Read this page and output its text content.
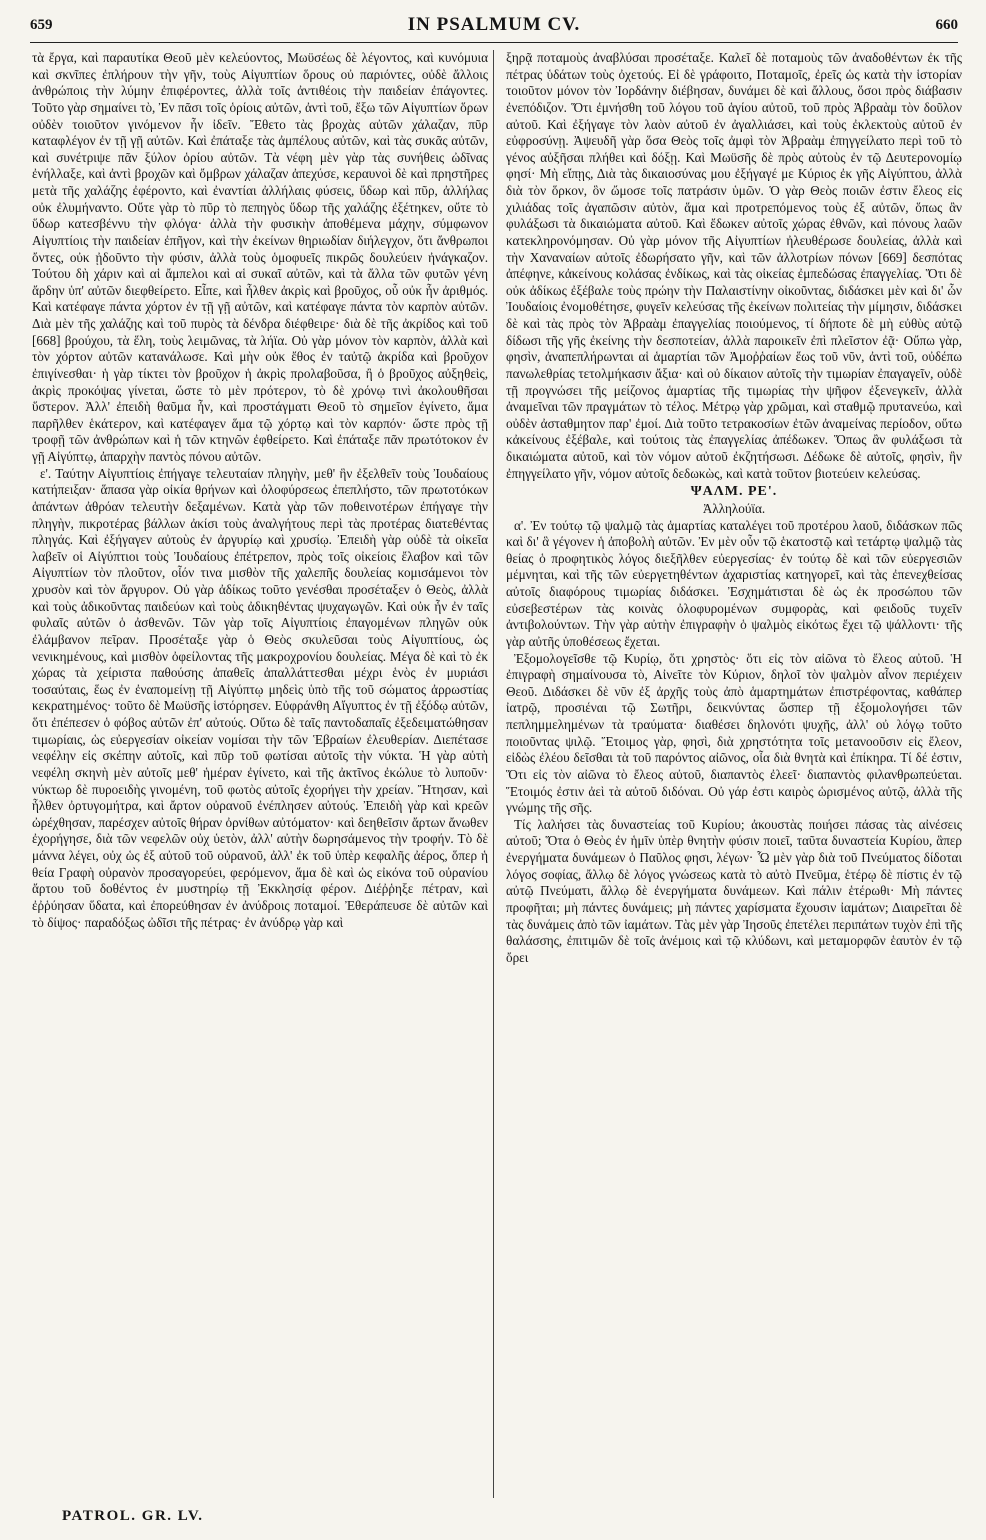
659	IN PSALMUM CV.	660

τὰ ἔργα, καὶ παραυτίκα Θεοῦ μὲν κελεύοντος, Μωϋσέως δὲ λέγοντος, καὶ κυνόμυια καὶ σκνῖπες ἐπλήρουν τὴν γῆν, τοὺς Αἰγυπτίων ὅρους οὐ παριόντες, οὐδὲ ἄλλοις ἀνθρώποις τὴν λύμην ἐπιφέροντες, ἀλλὰ τοῖς ἀντιθέοις τὴν παιδείαν ἐπάγοντες. Τοῦτο γὰρ σημαίνει τὸ, Ἐν πᾶσι τοῖς ὁρίοις αὐτῶν, ἀντὶ τοῦ, ἔξω τῶν Αἰγυπτίων ὅρων οὐδὲν τοιοῦτον γινόμενον ἦν ἰδεῖν. Ἔθετο τὰς βροχὰς αὐτῶν χάλαζαν, πῦρ καταφλέγον ἐν τῇ γῇ αὐτῶν. Καὶ ἐπάταξε τὰς ἀμπέλους αὐτῶν, καὶ τὰς συκᾶς αὐτῶν, καὶ συνέτριψε πᾶν ξύλον ὁρίου αὐτῶν. Τὰ νέφη μὲν γὰρ τὰς συνήθεις ὠδῖνας ἐνήλλαξε, καὶ ἀντὶ βροχῶν καὶ ὄμβρων χάλαζαν ἀπεχύσε, κεραυνοὶ δὲ καὶ πρηστῆρες μετὰ τῆς χαλάζης ἐφέροντο, καὶ ἐναντίαι ἀλλήλαις φύσεις, ὕδωρ καὶ πῦρ, ἀλλήλας οὐκ ἐλυμήναντο. Οὔτε γὰρ τὸ πῦρ τὸ πεπηγὸς ὕδωρ τῆς χαλάζης ἐξέτηκεν, οὔτε τὸ ὕδωρ κατεσβέννυ τὴν φλόγα· ἀλλὰ τὴν φυσικὴν ἀποθέμενα μάχην, σύμφωνον Αἰγυπτίοις τὴν παιδείαν ἐπῆγον, καὶ τὴν ἐκείνων θηριωδίαν διήλεγχον, ὅτι ἄνθρωποι ὄντες, οὐκ ᾐδοῦντο τὴν φύσιν, ἀλλὰ τοὺς ὁμοφυεῖς πικρῶς δουλεύειν ἠνάγκαζον. Τούτου δὴ χάριν καὶ αἱ ἄμπελοι καὶ αἱ συκαῖ αὐτῶν, καὶ τὰ ἄλλα τῶν φυτῶν γένη ἄρδην ὑπ' αὐτῶν διεφθείρετο. Εἶπε, καὶ ἦλθεν ἀκρὶς καὶ βροῦχος, οὗ οὐκ ἦν ἀριθμός. Καὶ κατέφαγε πάντα χόρτον ἐν τῇ γῇ αὐτῶν, καὶ κατέφαγε πάντα τὸν καρπὸν αὐτῶν. Διὰ μὲν τῆς χαλάζης καὶ τοῦ πυρὸς τὰ δένδρα διέφθειρε· διὰ δὲ τῆς ἀκρίδος καὶ τοῦ [668] βρούχου, τὰ ἕλη, τοὺς λειμῶνας, τὰ λήϊα. Οὐ γὰρ μόνον τὸν καρπὸν, ἀλλὰ καὶ τὸν χόρτον αὐτῶν κατανάλωσε. Καὶ μὴν οὐκ ἔθος ἐν ταὐτῷ ἀκρίδα καὶ βροῦχον ἐπιγίνεσθαι· ἡ γὰρ τίκτει τὸν βροῦχον ἡ ἀκρὶς προλαβοῦσα, ἢ ὁ βροῦχος αὐξηθεὶς, ἀκρὶς προκόψας γίνεται, ὥστε τὸ μὲν πρότερον, τὸ δὲ χρόνῳ τινὶ ἀκολουθῆσαι ὕστερον. Ἀλλ' ἐπειδὴ θαῦμα ἦν, καὶ προστάγματι Θεοῦ τὸ σημεῖον ἐγίνετο, ἅμα παρῆλθεν ἑκάτερον, καὶ κατέφαγεν ἅμα τῷ χόρτῳ καὶ τὸν καρπόν· ὥστε πρὸς τῇ τροφῇ τῶν ἀνθρώπων καὶ ἡ τῶν κτηνῶν ἐφθείρετο. Καὶ ἐπάταξε πᾶν πρωτότοκον ἐν γῇ Αἰγύπτῳ, ἀπαρχὴν παντὸς πόνου αὐτῶν.

ε'. Ταύτην Αἰγυπτίοις ἐπήγαγε τελευταίαν πληγὴν, μεθ' ἣν ἐξελθεῖν τοὺς Ἰουδαίους κατήπειξαν· ἅπασα γὰρ οἰκία θρήνων καὶ ὀλοφύρσεως ἐπεπλήστο, τῶν πρωτοτόκων ἁπάντων ἀθρόαν τελευτὴν δεξαμένων. Κατὰ γὰρ τῶν ποθεινοτέρων ἐπήγαγε τὴν πληγὴν, πικροτέρας βάλλων ἀκίσι τοὺς ἀναλγήτους περὶ τὰς προτέρας διατεθέντας πληγάς. Καὶ ἐξήγαγεν αὐτοὺς ἐν ἀργυρίῳ καὶ χρυσίῳ. Ἐπειδὴ γὰρ οὐδὲ τὰ οἰκεῖα λαβεῖν οἱ Αἰγύπτιοι τοὺς Ἰουδαίους ἐπέτρεπον, πρὸς τοῖς οἰκείοις ἔλαβον καὶ τῶν Αἰγυπτίων τὸν πλοῦτον, οἷόν τινα μισθὸν τῆς χαλεπῆς δουλείας κομισάμενοι τὸν χρυσὸν καὶ τὸν ἄργυρον. Οὐ γὰρ ἀδίκως τοῦτο γενέσθαι προσέταξεν ὁ Θεὸς, ἀλλὰ καὶ τοὺς ἀδικοῦντας παιδεύων καὶ τοὺς ἀδικηθέντας ψυχαγωγῶν. Καὶ οὐκ ἦν ἐν ταῖς φυλαῖς αὐτῶν ὁ ἀσθενῶν. Τῶν γὰρ τοῖς Αἰγυπτίοις ἐπαγομένων πληγῶν οὐκ ἐλάμβανον πεῖραν. Προσέταξε γὰρ ὁ Θεὸς σκυλεῦσαι τοὺς Αἰγυπτίους, ὡς νενικημένους, καὶ μισθὸν ὀφείλοντας τῆς μακροχρονίου δουλείας. Μέγα δὲ καὶ τὸ ἐκ χώρας τὰ χείριστα παθούσης ἀπαθεῖς ἀπαλλάττεσθαι μέχρι ἑνὸς ἐν μυριάσι τοσαύταις, ἕως ἐν ἐναπομείνῃ τῇ Αἰγύπτῳ μηδεὶς ὑπὸ τῆς τοῦ σώματος ἀρρωστίας κεκρατημένος· τοῦτο δὲ Μωϋσῆς ἱστόρησεν. Εὐφράνθη Αἴγυπτος ἐν τῇ ἐξόδῳ αὐτῶν, ὅτι ἐπέπεσεν ὁ φόβος αὐτῶν ἐπ' αὐτούς. Οὕτω δὲ ταῖς παντοδαπαῖς ἐξεδειματώθησαν τιμωρίαις, ὡς εὐεργεσίαν οἰκείαν νομίσαι τὴν τῶν Ἑβραίων ἐλευθερίαν. Διεπέτασε νεφέλην εἰς σκέπην αὐτοῖς, καὶ πῦρ τοῦ φωτίσαι αὐτοῖς τὴν νύκτα. Ἡ γὰρ αὐτὴ νεφέλη σκηνὴ μὲν αὐτοῖς μεθ' ἡμέραν ἐγίνετο, καὶ τῆς ἀκτῖνος ἐκώλυε τὸ λυποῦν· νύκτωρ δὲ πυροειδὴς γινομένη, τοῦ φωτὸς αὐτοῖς ἐχορήγει τὴν χρείαν. Ἤτησαν, καὶ ἦλθεν ὀρτυγομήτρα, καὶ ἄρτον οὐρανοῦ ἐνέπλησεν αὐτούς. Ἐπειδὴ γὰρ καὶ κρεῶν ὠρέχθησαν, παρέσχεν αὐτοῖς θήραν ὀρνίθων αὐτόματον· καὶ δεηθεῖσιν ἄρτων ἄνωθεν ἐχορήγησε, διὰ τῶν νεφελῶν οὐχ ὑετὸν, ἀλλ' αὐτὴν δωρησάμενος τὴν τροφήν. Τὸ δὲ μάννα λέγει, οὐχ ὡς ἐξ αὐτοῦ τοῦ οὐρανοῦ, ἀλλ' ἐκ τοῦ ὑπὲρ κεφαλῆς ἀέρος, ὅπερ ἡ θεία Γραφὴ οὐρανὸν προσαγορεύει, φερόμενον, ἅμα δὲ καὶ ὡς εἰκόνα τοῦ οὐρανίου ἄρτου τοῦ δοθέντος ἐν μυστηρίῳ τῇ Ἐκκλησίᾳ φέρον. Διέῤῥηξε πέτραν, καὶ ἐῤῥύησαν ὕδατα, καὶ ἐπορεύθησαν ἐν ἀνύδροις ποταμοί. Ἐθεράπευσε δὲ αὐτῶν καὶ τὸ δίψος· παραδόξως ὠδῖσι τῆς πέτρας· ἐν ἀνύδρῳ γὰρ καὶ

ξηρᾷ ποταμοὺς ἀναβλύσαι προσέταξε. Καλεῖ δὲ ποταμοὺς τῶν ἀναδοθέντων ἐκ τῆς πέτρας ὑδάτων τοὺς ὀχετούς. Εἰ δὲ γράφοιτο, Ποταμοῖς, ἐρεῖς ὡς κατὰ τὴν ἱστορίαν τοιοῦτον μόνον τὸν Ἰορδάνην διέβησαν, δυνάμει δὲ καὶ ἄλλους, ὅσοι πρὸς διάβασιν ἐνεπόδιζον. Ὅτι ἐμνήσθη τοῦ λόγου τοῦ ἁγίου αὐτοῦ, τοῦ πρὸς Ἀβραὰμ τὸν δοῦλον αὐτοῦ. Καὶ ἐξήγαγε τὸν λαὸν αὐτοῦ ἐν ἀγαλλιάσει, καὶ τοὺς ἐκλεκτοὺς αὐτοῦ ἐν εὐφροσύνῃ. Ἀψευδῆ γὰρ ὅσα Θεὸς τοῖς ἀμφὶ τὸν Ἀβραὰμ ἐπηγγείλατο περὶ τοῦ τὸ γένος αὐξῆσαι πλήθει καὶ δόξῃ. Καὶ Μωϋσῆς δὲ πρὸς αὐτοὺς ἐν τῷ Δευτερονομίῳ φησί· Μὴ εἴπῃς, Διὰ τὰς δικαιοσύνας μου ἐξήγαγέ με Κύριος ἐκ γῆς Αἰγύπτου, ἀλλὰ διὰ τὸν ὅρκον, ὃν ὤμοσε τοῖς πατράσιν ὑμῶν. Ὁ γὰρ Θεὸς ποιῶν ἐστιν ἔλεος εἰς χιλιάδας τοῖς ἀγαπῶσιν αὐτὸν, ἅμα καὶ προτρεπόμενος τοὺς ἐξ αὐτῶν, ὅπως ἂν φυλάξωσι τὰ δικαιώματα αὐτοῦ. Καὶ ἔδωκεν αὐτοῖς χώρας ἐθνῶν, καὶ πόνους λαῶν κατεκληρονόμησαν. Οὐ γὰρ μόνον τῆς Αἰγυπτίων ἠλευθέρωσε δουλείας, ἀλλὰ καὶ τὴν Χαναναίων αὐτοῖς ἐδωρήσατο γῆν, καὶ τῶν ἀλλοτρίων πόνων [669] δεσπότας ἀπέφηνε, κἀκείνους κολάσας ἐνδίκως, καὶ τὰς οἰκείας ἐμπεδώσας ἐπαγγελίας. Ὅτι δὲ οὐκ ἀδίκως ἐξέβαλε τοὺς πρώην τὴν Παλαιστίνην οἰκοῦντας, διδάσκει μὲν καὶ δι' ὧν Ἰουδαίοις ἐνομοθέτησε, φυγεῖν κελεύσας τῆς ἐκείνων πολιτείας τὴν μίμησιν, διδάσκει δὲ καὶ τὰς πρὸς τὸν Ἀβραὰμ ἐπαγγελίας ποιούμενος, τί δήποτε δὲ μὴ εὐθὺς αὐτῷ δίδωσι τῆς γῆς ἐκείνης τὴν δεσποτείαν, ἀλλὰ παροικεῖν ἐπὶ πλεῖστον ἐᾷ· Οὔπω γὰρ, φησὶν, ἀναπεπλήρωνται αἱ ἁμαρτίαι τῶν Ἀμοῤῥαίων ἕως τοῦ νῦν, ἀντὶ τοῦ, οὐδέπω πανωλεθρίας τετολμήκασιν ἄξια· καὶ οὐ δίκαιον αὐτοῖς τὴν τιμωρίαν ἐπαγαγεῖν, οὐδὲ τῇ προγνώσει τῆς μείζονος ἁμαρτίας τῆς τιμωρίας τὴν ψῆφον ἐξενεγκεῖν, ἀλλὰ ἀναμεῖναι τῶν πραγμάτων τὸ τέλος. Μέτρῳ γὰρ χρῶμαι, καὶ σταθμῷ πρυτανεύω, καὶ οὐδὲν ἀσταθμητον παρ' ἐμοί. Διὰ τοῦτο τετρακοσίων ἐτῶν ἀναμείνας περίοδον, οὕτω κἀκείνους ἐξέβαλε, καὶ τούτοις τὰς ἐπαγγελίας ἀπέδωκεν. Ὅπως ἂν φυλάξωσι τὰ δικαιώματα αὐτοῦ, καὶ τὸν νόμον αὐτοῦ ἐκζητήσωσι. Δέδωκε δὲ αὐτοῖς, φησὶν, ἣν ἐπηγγείλατο γῆν, νόμον αὐτοῖς δεδωκὼς, καὶ κατὰ τοῦτον βιοτεύειν κελεύσας.

ΨΑΛΜ. ΡΕ'.

Ἀλληλούϊα.

α'. Ἐν τούτῳ τῷ ψαλμῷ τὰς ἁμαρτίας καταλέγει τοῦ προτέρου λαοῦ, διδάσκων πῶς καὶ δι' ἃ γέγονεν ἡ ἀποβολὴ αὐτῶν. Ἐν μὲν οὖν τῷ ἑκατοστῷ καὶ τετάρτῳ ψαλμῷ τὰς θείας ὁ προφητικὸς λόγος διεξῆλθεν εὐεργεσίας· ἐν τούτῳ δὲ καὶ τῶν εὐεργεσιῶν μέμνηται, καὶ τῆς τῶν εὐεργετηθέντων ἀχαριστίας κατηγορεῖ, καὶ τὰς ἐπενεχθείσας αὐτοῖς διαφόρους τιμωρίας διδάσκει. Ἐσχημάτισται δὲ ὡς ἐκ προσώπου τῶν εὐσεβεστέρων τὰς κοινὰς ὀλοφυρομένων συμφορὰς, καὶ φειδοῦς τυχεῖν ἀντιβολούντων. Τὴν γὰρ αὐτὴν ἐπιγραφὴν ὁ ψαλμὸς εἰκότως ἔχει τῷ ψάλλοντι· τῆς γὰρ αὐτῆς ὑποθέσεως ἔχεται.

Ἐξομολογεῖσθε τῷ Κυρίῳ, ὅτι χρηστὸς· ὅτι εἰς τὸν αἰῶνα τὸ ἔλεος αὐτοῦ. Ἡ ἐπιγραφὴ σημαίνουσα τὸ, Αἰνεῖτε τὸν Κύριον, δηλοῖ τὸν ψαλμὸν αἶνον περιέχειν Θεοῦ. Διδάσκει δὲ νῦν ἐξ ἀρχῆς τοὺς ἀπὸ ἁμαρτημάτων ἐπιστρέφοντας, καθάπερ ἰατρῷ, προσιέναι τῷ Σωτῆρι, δεικνύντας ὥσπερ τῇ ἐξομολογήσει τῶν πεπλημμελημένων τὰ τραύματα· διαθέσει δηλονότι ψυχῆς, ἀλλ' οὐ λόγῳ τοῦτο ποιοῦντας ψιλῷ. Ἕτοιμος γὰρ, φησὶ, διὰ χρηστότητα τοῖς μετανοοῦσιν εἰς ἔλεον, εἰδὼς ἐλέου δεῖσθαι τὰ τοῦ παρόντος αἰῶνος, οἷα διὰ θνητὰ καὶ ἐπίκηρα. Τί δέ ἐστιν, Ὅτι εἰς τὸν αἰῶνα τὸ ἔλεος αὐτοῦ, διαπαντὸς ἐλεεῖ· διαπαντὸς φιλανθρωπεύεται. Ἕτοιμός ἐστιν ἀεὶ τὰ αὐτοῦ διδόναι. Οὐ γάρ ἐστι καιρὸς ὡρισμένος αὐτῷ, ἀλλὰ τῆς γνώμης τῆς σῆς.

Τίς λαλήσει τὰς δυναστείας τοῦ Κυρίου; ἀκουστὰς ποιήσει πάσας τὰς αἰνέσεις αὐτοῦ; Ὅτα ὁ Θεὸς ἐν ἡμῖν ὑπὲρ θνητὴν φύσιν ποιεῖ, ταῦτα δυναστεία Κυρίου, ἃπερ ἐνεργήματα δυνάμεων ὁ Παῦλος φησι, λέγων· Ὧ μὲν γὰρ διὰ τοῦ Πνεύματος δίδοται λόγος σοφίας, ἄλλῳ δὲ λόγος γνώσεως κατὰ τὸ αὐτὸ Πνεῦμα, ἑτέρῳ δὲ πίστις ἐν τῷ αὐτῷ Πνεύματι, ἄλλῳ δὲ ἐνεργήματα δυνάμεων. Καὶ πάλιν ἑτέρωθι· Μὴ πάντες προφῆται; μὴ πάντες δυνάμεις; μὴ πάντες χαρίσματα ἔχουσιν ἰαμάτων; Διαιρεῖται δὲ τὰς δυνάμεις ἀπὸ τῶν ἰαμάτων. Τὰς μὲν γὰρ Ἰησοῦς ἐπετέλει περιπάτων τυχὸν ἐπὶ τῆς θαλάσσης, ἐπιτιμῶν δὲ τοῖς ἀνέμοις καὶ τῷ κλύδωνι, καὶ μεταμορφῶν ἑαυτὸν ἐν τῷ ὄρει

PATROL. GR. LV.
